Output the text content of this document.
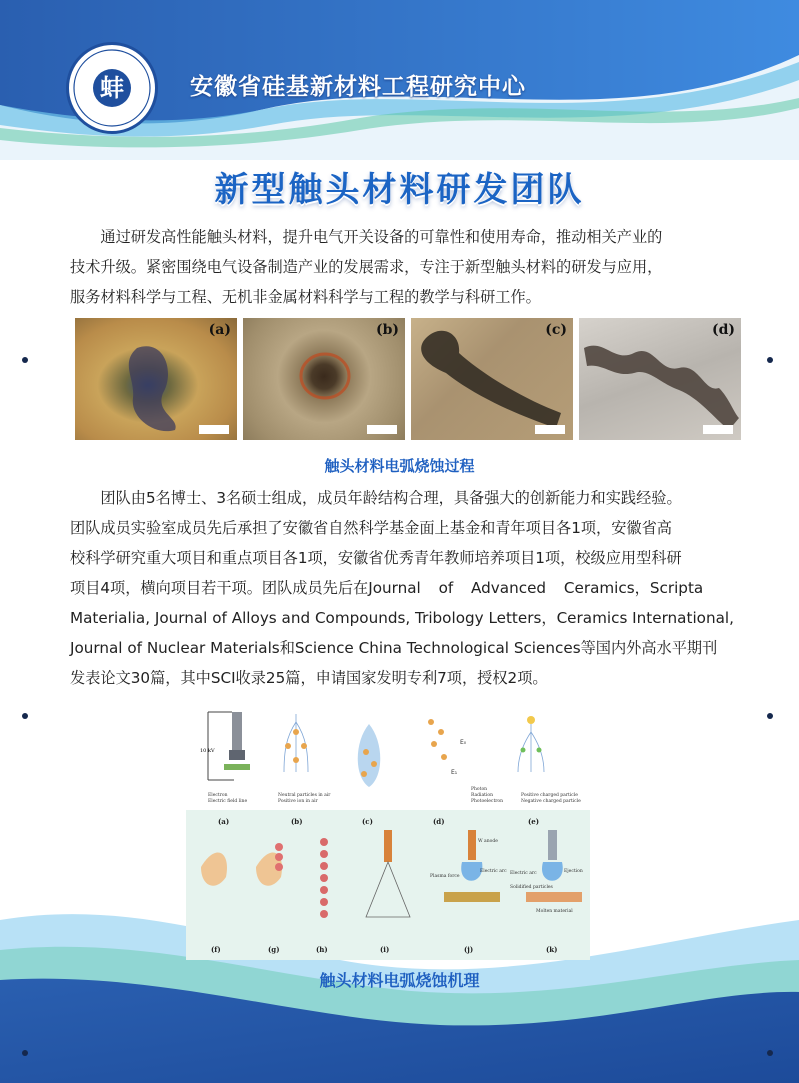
蚌	安徽省硅基新材料工程研究中心
新型触头材料研发团队
通过研发高性能触头材料，提升电气开关设备的可靠性和使用寿命，推动相关产业的
技术升级。紧密围绕电气设备制造产业的发展需求，专注于新型触头材料的研发与应用，
服务材料科学与工程、无机非金属材料科学与工程的教学与科研工作。
(a)	(b)	(c)	(d)
触头材料电弧烧蚀过程
团队由5名博士、3名硕士组成，成员年龄结构合理，具备强大的创新能力和实践经验。
团队成员实验室成员先后承担了安徽省自然科学基金面上基金和青年项目各1项，安徽省高
校科学研究重大项目和重点项目各1项，安徽省优秀青年教师培养项目1项，校级应用型科研
项目4项，横向项目若干项。团队成员先后在Journal of Advanced Ceramics，Scripta
Materialia, Journal of Alloys and Compounds, Tribology Letters，Ceramics International,
Journal of Nuclear Materials和Science China Technological Sciences等国内外高水平期刊
发表论文30篇，其中SCI收录25篇，申请国家发明专利7项，授权2项。
10 kV
E₀
E₁
Electron
Electric field line
Neutral particles in air
Positive ion in air
Photon
Radiation
Photoelectron
Positive charged particle
Negative charged particle
(a)	(b)	(c)	(d)	(e)
W anode
Plasma force
Electric arc Electric arc	Ejection
Solidified particles
Molten material
(f)	(g)	(h)	(i)	(j)	(k)
触头材料电弧烧蚀机理
